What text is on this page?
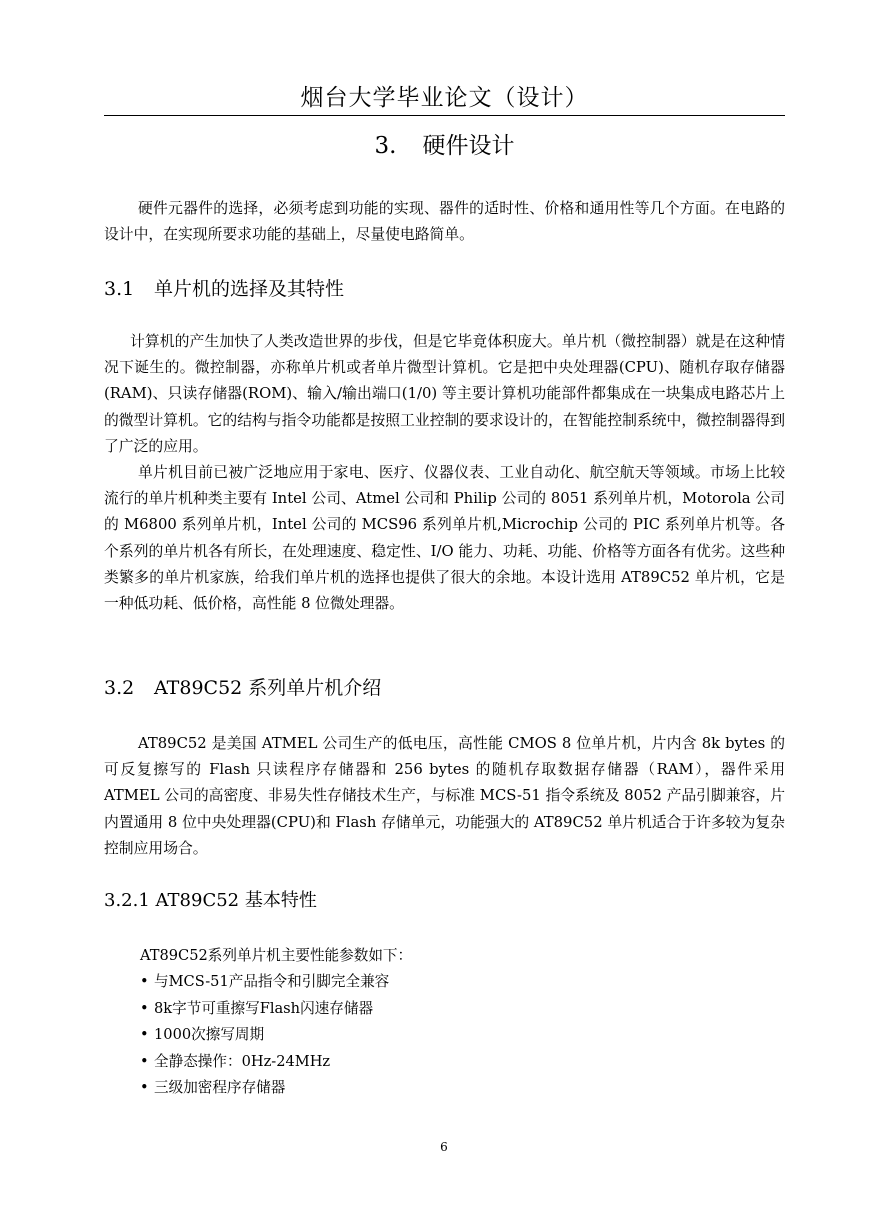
烟台大学毕业论文（设计）
3. 硬件设计

硬件元器件的选择，必须考虑到功能的实现、器件的适时性、价格和通用性等几个方面。在电路的设计中，在实现所要求功能的基础上，尽量使电路简单。

3.1 单片机的选择及其特性

计算机的产生加快了人类改造世界的步伐，但是它毕竟体积庞大。单片机（微控制器）就是在这种情况下诞生的。微控制器，亦称单片机或者单片微型计算机。它是把中央处理器(CPU)、随机存取存储器(RAM)、只读存储器(ROM)、输入/输出端口(1/0) 等主要计算机功能部件都集成在一块集成电路芯片上的微型计算机。它的结构与指令功能都是按照工业控制的要求设计的，在智能控制系统中，微控制器得到了广泛的应用。

单片机目前已被广泛地应用于家电、医疗、仪器仪表、工业自动化、航空航天等领域。市场上比较流行的单片机种类主要有 Intel 公司、Atmel 公司和 Philip 公司的 8051 系列单片机，Motorola 公司的 M6800 系列单片机，Intel 公司的 MCS96 系列单片机,Microchip 公司的 PIC 系列单片机等。各个系列的单片机各有所长，在处理速度、稳定性、I/O 能力、功耗、功能、价格等方面各有优劣。这些种类繁多的单片机家族，给我们单片机的选择也提供了很大的余地。本设计选用 AT89C52 单片机，它是一种低功耗、低价格，高性能 8 位微处理器。

3.2 AT89C52 系列单片机介绍

AT89C52 是美国 ATMEL 公司生产的低电压，高性能 CMOS 8 位单片机，片内含 8k bytes 的可反复擦写的 Flash 只读程序存储器和 256 bytes 的随机存取数据存储器（RAM），器件采用 ATMEL 公司的高密度、非易失性存储技术生产，与标准 MCS-51 指令系统及 8052 产品引脚兼容，片内置通用 8 位中央处理器(CPU)和 Flash 存储单元，功能强大的 AT89C52 单片机适合于许多较为复杂控制应用场合。

3.2.1 AT89C52 基本特性
AT89C52系列单片机主要性能参数如下：
• 与MCS-51产品指令和引脚完全兼容
• 8k字节可重擦写Flash闪速存储器
• 1000次擦写周期
• 全静态操作：0Hz-24MHz
• 三级加密程序存储器
6
